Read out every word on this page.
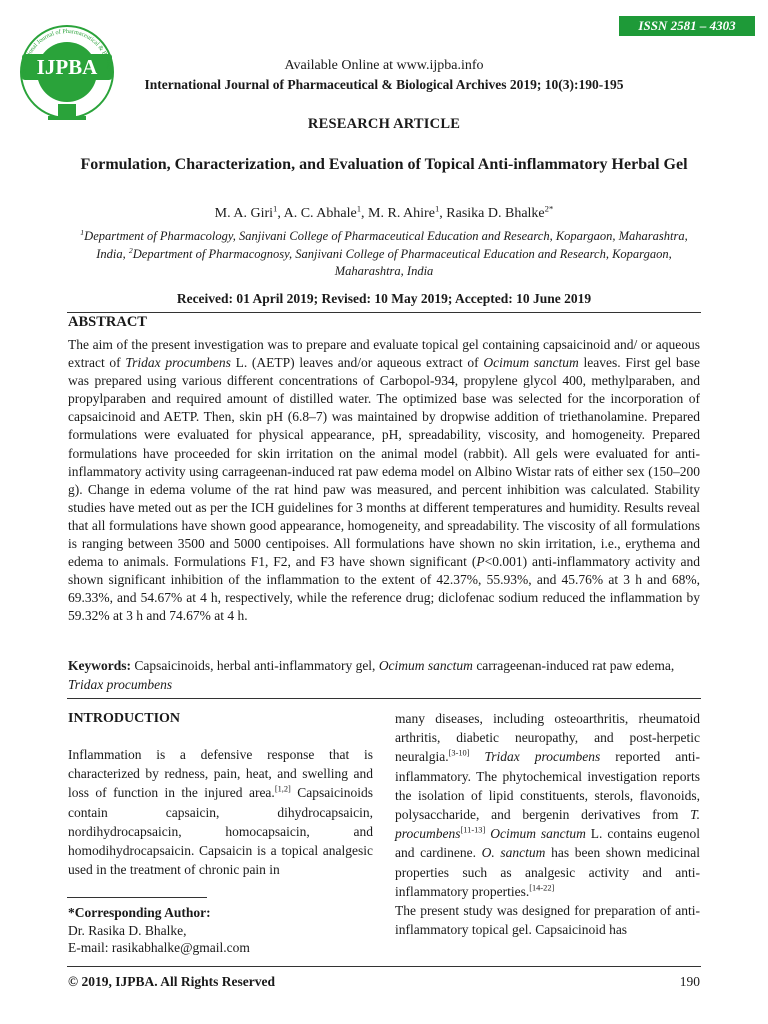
International Journal of Pharmaceutical & Biologic
IJPBA
ISSN 2581 – 4303
Available Online at www.ijpba.info
International Journal of Pharmaceutical & Biological Archives 2019; 10(3):190-195
RESEARCH ARTICLE
Formulation, Characterization, and Evaluation of Topical Anti-inflammatory Herbal Gel
M. A. Giri$^1$, A. C. Abhale$^1$, M. R. Ahire$^1$, Rasika D. Bhalke$^{2*}$
$^1$Department of Pharmacology, Sanjivani College of Pharmaceutical Education and Research, Kopargaon, Maharashtra, India, $^2$Department of Pharmacognosy, Sanjivani College of Pharmaceutical Education and Research, Kopargaon, Maharashtra, India
Received: 01 April 2019; Revised: 10 May 2019; Accepted: 10 June 2019
ABSTRACT
The aim of the present investigation was to prepare and evaluate topical gel containing capsaicinoid and/ or aqueous extract of Tridax procumbens L. (AETP) leaves and/or aqueous extract of Ocimum sanctum leaves. First gel base was prepared using various different concentrations of Carbopol-934, propylene glycol 400, methylparaben, and propylparaben and required amount of distilled water. The optimized base was selected for the incorporation of capsaicinoid and AETP. Then, skin pH (6.8–7) was maintained by dropwise addition of triethanolamine. Prepared formulations were evaluated for physical appearance, pH, spreadability, viscosity, and homogeneity. Prepared formulations have proceeded for skin irritation on the animal model (rabbit). All gels were evaluated for anti-inflammatory activity using carrageenan-induced rat paw edema model on Albino Wistar rats of either sex (150–200 g). Change in edema volume of the rat hind paw was measured, and percent inhibition was calculated. Stability studies have meted out as per the ICH guidelines for 3 months at different temperatures and humidity. Results reveal that all formulations have shown good appearance, homogeneity, and spreadability. The viscosity of all formulations is ranging between 3500 and 5000 centipoises. All formulations have shown no skin irritation, i.e., erythema and edema to animals. Formulations F1, F2, and F3 have shown significant (P<0.001) anti-inflammatory activity and shown significant inhibition of the inflammation to the extent of 42.37%, 55.93%, and 45.76% at 3 h and 68%, 69.33%, and 54.67% at 4 h, respectively, while the reference drug; diclofenac sodium reduced the inflammation by 59.32% at 3 h and 74.67% at 4 h.
Keywords: Capsaicinoids, herbal anti-inflammatory gel, Ocimum sanctum carrageenan-induced rat paw edema, Tridax procumbens
INTRODUCTION
Inflammation is a defensive response that is characterized by redness, pain, heat, and swelling and loss of function in the injured area.[1,2] Capsaicinoids contain capsaicin, dihydrocapsaicin, nordihydrocapsaicin, homocapsaicin, and homodihydrocapsaicin. Capsaicin is a topical analgesic used in the treatment of chronic pain in
*Corresponding Author:
Dr. Rasika D. Bhalke,
E-mail: rasikabhalke@gmail.com

many diseases, including osteoarthritis, rheumatoid arthritis, diabetic neuropathy, and post-herpetic neuralgia.[3-10] Tridax procumbens reported anti-inflammatory. The phytochemical investigation reports the isolation of lipid constituents, sterols, flavonoids, polysaccharide, and bergenin derivatives from T. procumbens[11-13] Ocimum sanctum L. contains eugenol and cardinene. O. sanctum has been shown medicinal properties such as analgesic activity and anti-inflammatory properties.[14-22]

The present study was designed for preparation of anti-inflammatory topical gel. Capsaicinoid has

© 2019, IJPBA. All Rights Reserved	190
